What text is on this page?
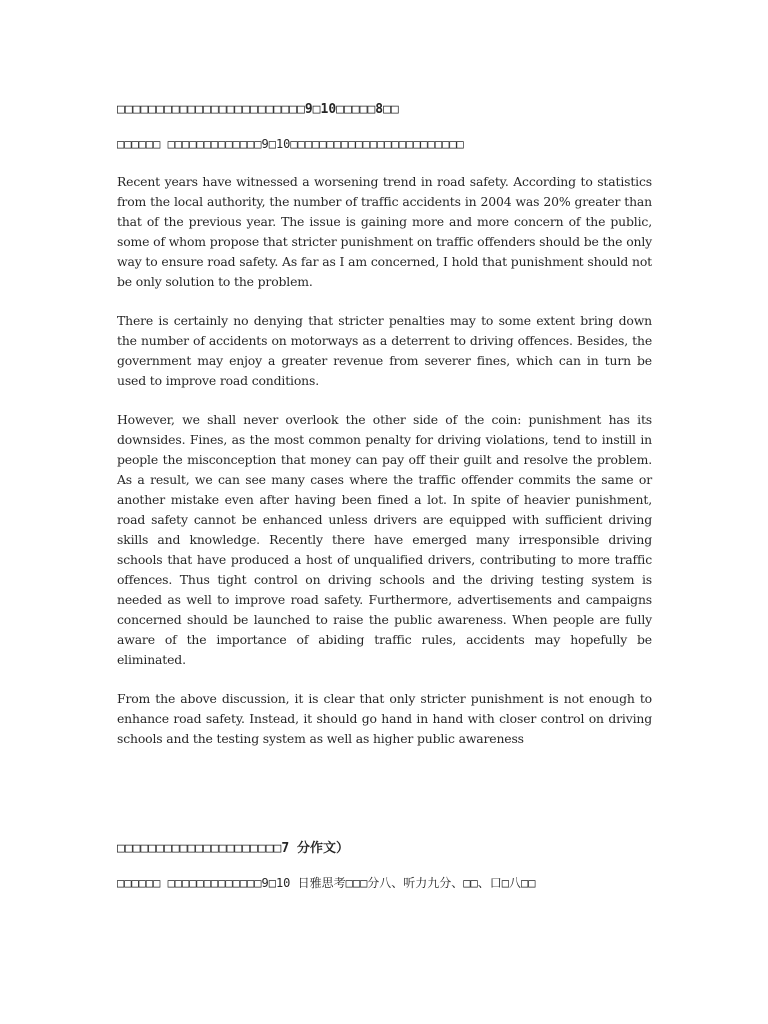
□□□□□□□□□□□□□□□□□□□□□□□□9□10□□□□□8□□
□□□□□□ □□□□□□□□□□□□□9□10□□□□□□□□□□□□□□□□□□□□□□□□

Recent years have witnessed a worsening trend in road safety. According to statistics from the local authority, the number of traffic accidents in 2004 was 20% greater than that of the previous year. The issue is gaining more and more concern of the public, some of whom propose that stricter punishment on traffic offenders should be the only way to ensure road safety. As far as I am concerned, I hold that punishment should not be only solution to the problem.

There is certainly no denying that stricter penalties may to some extent bring down the number of accidents on motorways as a deterrent to driving offences. Besides, the government may enjoy a greater revenue from severer fines, which can in turn be used to improve road conditions.

However, we shall never overlook the other side of the coin: punishment has its downsides. Fines, as the most common penalty for driving violations, tend to instill in people the misconception that money can pay off their guilt and resolve the problem. As a result, we can see many cases where the traffic offender commits the same or another mistake even after having been fined a lot. In spite of heavier punishment, road safety cannot be enhanced unless drivers are equipped with sufficient driving skills and knowledge. Recently there have emerged many irresponsible driving schools that have produced a host of unqualified drivers, contributing to more traffic offences. Thus tight control on driving schools and the driving testing system is needed as well to improve road safety. Furthermore, advertisements and campaigns concerned should be launched to raise the public awareness. When people are fully aware of the importance of abiding traffic rules, accidents may hopefully be eliminated.

From the above discussion, it is clear that only stricter punishment is not enough to enhance road safety. Instead, it should go hand in hand with closer control on driving schools and the testing system as well as higher public awareness

□□□□□□□□□□□□□□□□□□□□□7 分作文）
□□□□□□ □□□□□□□□□□□□□9□10 日雅思考□□□分八、听力九分、□□、口□八□□
